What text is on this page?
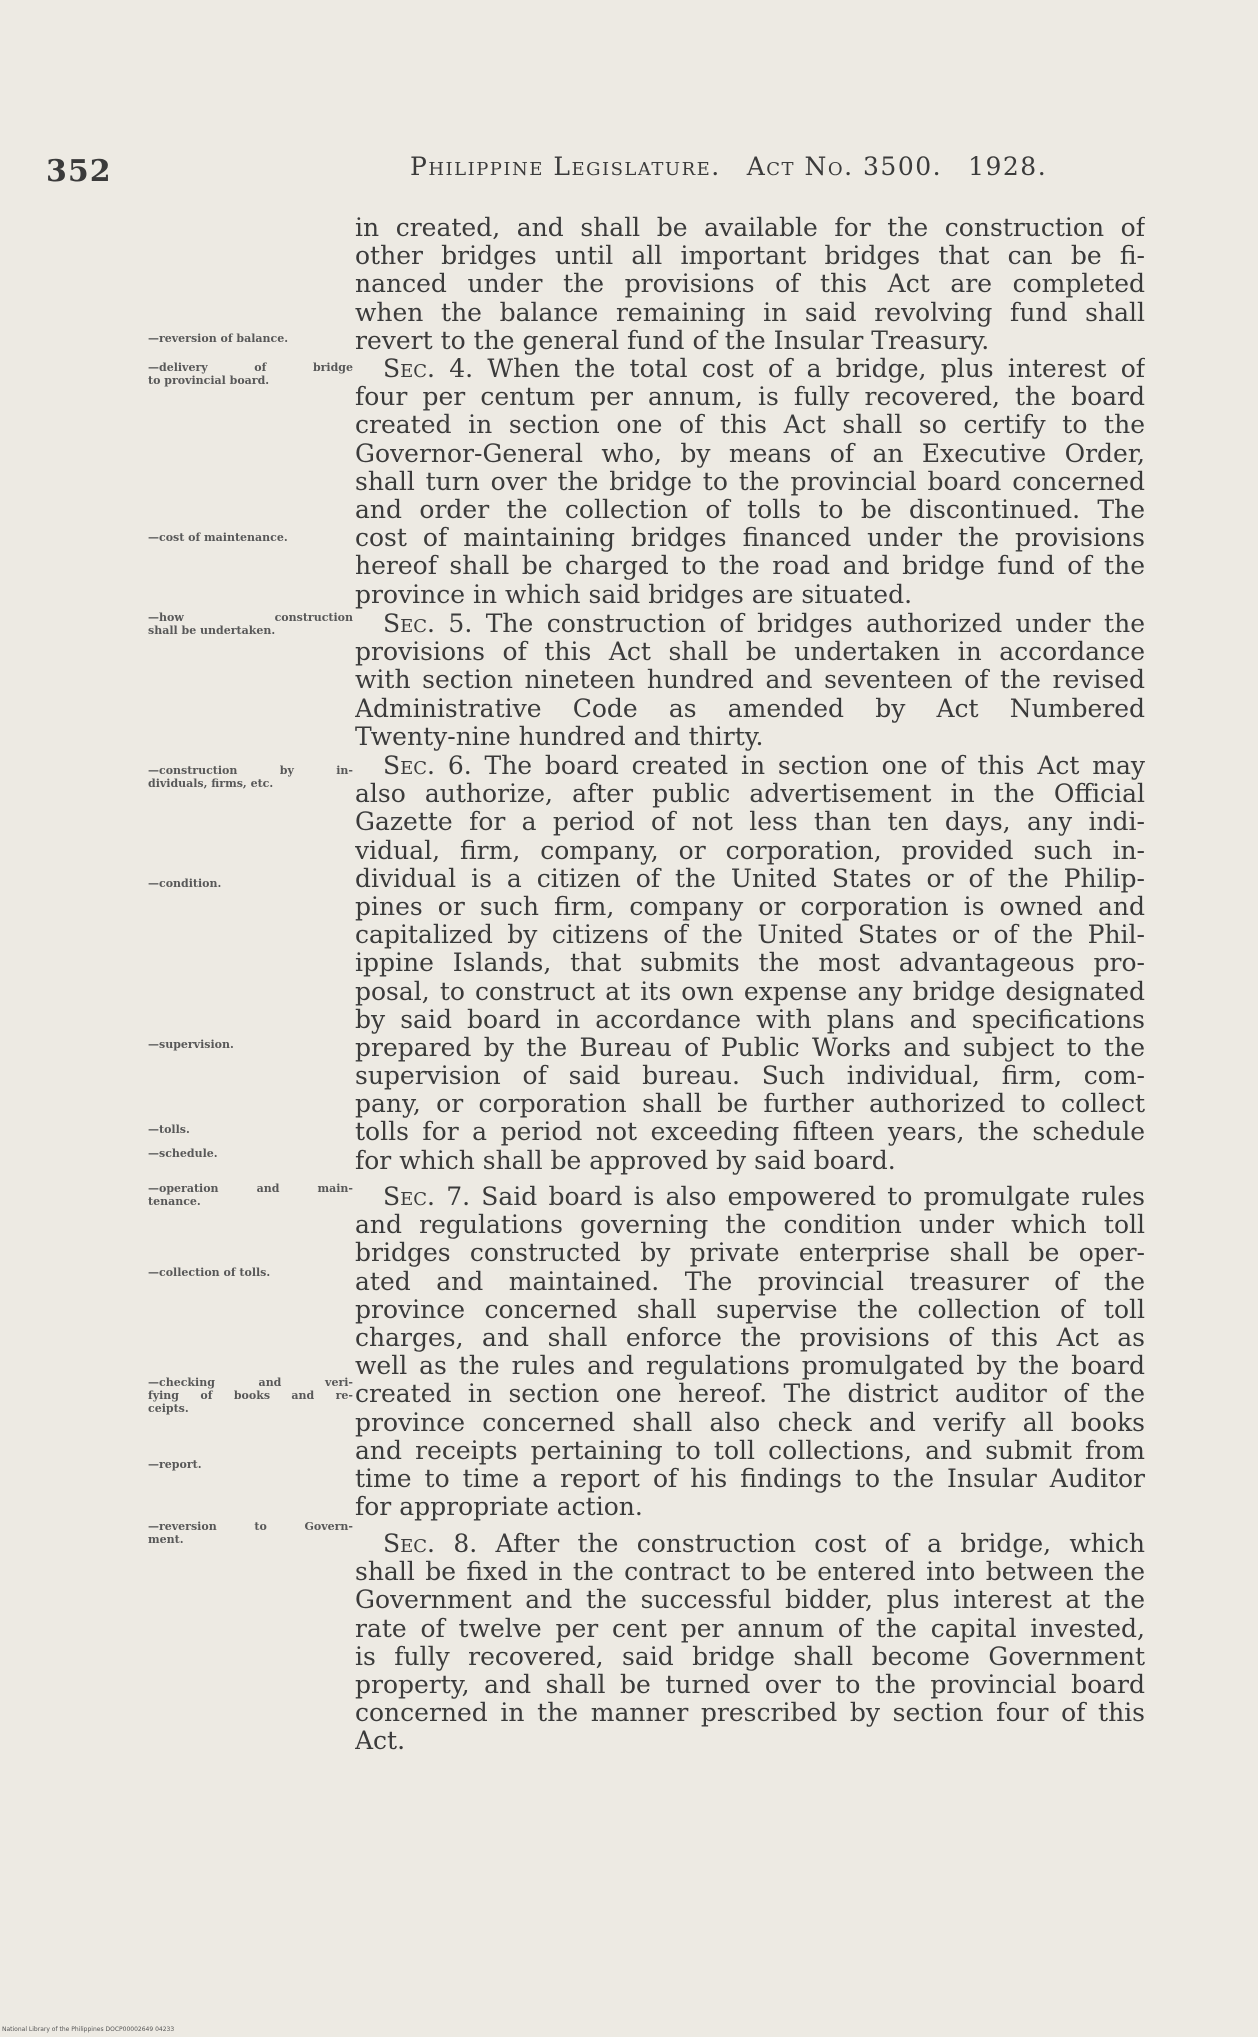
352	Philippine Legislature. Act No. 3500. 1928.
—reversion of balance.
—delivery of bridge
to provincial board.
—cost of maintenance.
—how construction
shall be undertaken.
—construction by in-
dividuals, firms, etc.
—condition.
—supervision.
—tolls.
—schedule.
—operation and main-
tenance.
—collection of tolls.
—checking and veri-
fying of books and re-
ceipts.
—report.
—reversion to Govern-
ment.
in created, and shall be available for the construction of
other bridges until all important bridges that can be fi-
nanced under the provisions of this Act are completed
when the balance remaining in said revolving fund shall
revert to the general fund of the Insular Treasury.
Sec. 4. When the total cost of a bridge, plus interest of
four per centum per annum, is fully recovered, the board
created in section one of this Act shall so certify to the
Governor-General who, by means of an Executive Order,
shall turn over the bridge to the provincial board concerned
and order the collection of tolls to be discontinued. The
cost of maintaining bridges financed under the provisions
hereof shall be charged to the road and bridge fund of the
province in which said bridges are situated.
Sec. 5. The construction of bridges authorized under the
provisions of this Act shall be undertaken in accordance
with section nineteen hundred and seventeen of the revised
Administrative Code as amended by Act Numbered
Twenty-nine hundred and thirty.
Sec. 6. The board created in section one of this Act may
also authorize, after public advertisement in the Official
Gazette for a period of not less than ten days, any indi-
vidual, firm, company, or corporation, provided such in-
dividual is a citizen of the United States or of the Philip-
pines or such firm, company or corporation is owned and
capitalized by citizens of the United States or of the Phil-
ippine Islands, that submits the most advantageous pro-
posal, to construct at its own expense any bridge designated
by said board in accordance with plans and specifications
prepared by the Bureau of Public Works and subject to the
supervision of said bureau. Such individual, firm, com-
pany, or corporation shall be further authorized to collect
tolls for a period not exceeding fifteen years, the schedule
for which shall be approved by said board.
Sec. 7. Said board is also empowered to promulgate rules
and regulations governing the condition under which toll
bridges constructed by private enterprise shall be oper-
ated and maintained. The provincial treasurer of the
province concerned shall supervise the collection of toll
charges, and shall enforce the provisions of this Act as
well as the rules and regulations promulgated by the board
created in section one hereof. The district auditor of the
province concerned shall also check and verify all books
and receipts pertaining to toll collections, and submit from
time to time a report of his findings to the Insular Auditor
for appropriate action.
Sec. 8. After the construction cost of a bridge, which
shall be fixed in the contract to be entered into between the
Government and the successful bidder, plus interest at the
rate of twelve per cent per annum of the capital invested,
is fully recovered, said bridge shall become Government
property, and shall be turned over to the provincial board
concerned in the manner prescribed by section four of this
Act.
National Library of the Philippines DOCP00002649 04233
